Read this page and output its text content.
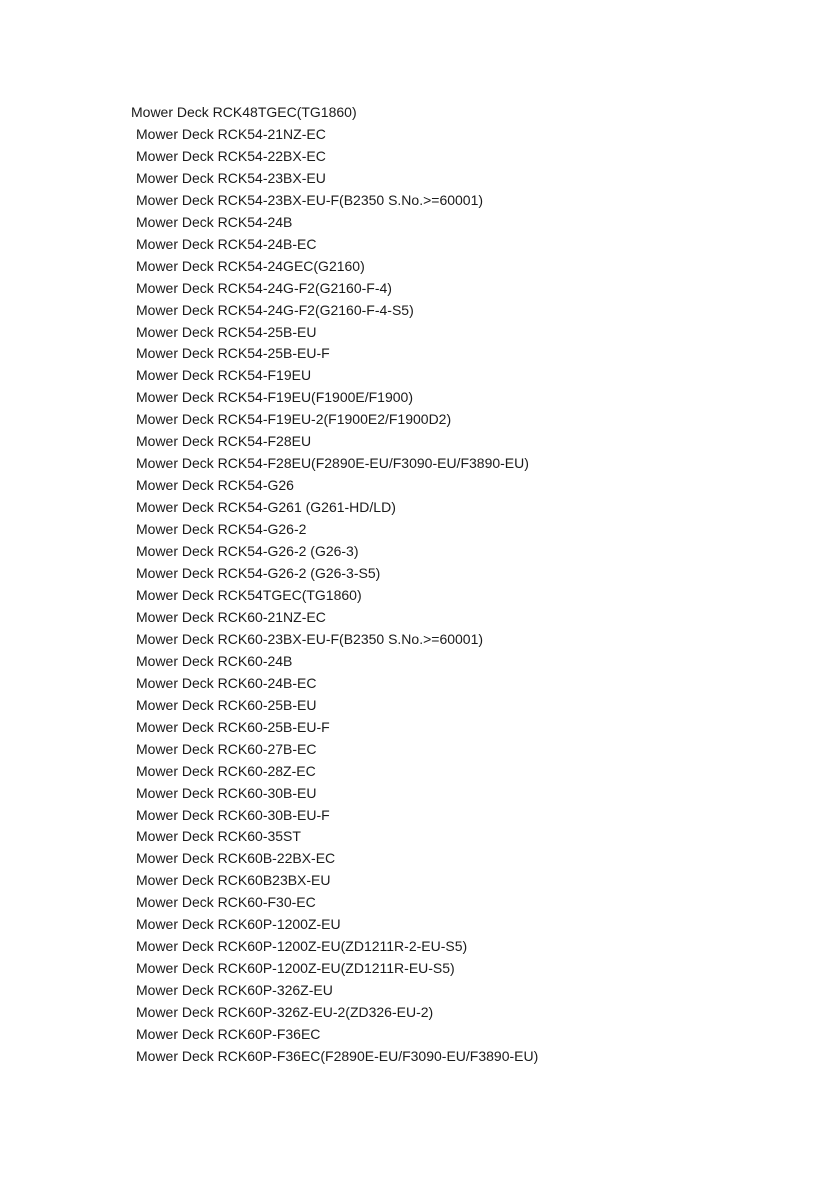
Mower Deck RCK48TGEC(TG1860)
Mower Deck RCK54-21NZ-EC
Mower Deck RCK54-22BX-EC
Mower Deck RCK54-23BX-EU
Mower Deck RCK54-23BX-EU-F(B2350 S.No.>=60001)
Mower Deck RCK54-24B
Mower Deck RCK54-24B-EC
Mower Deck RCK54-24GEC(G2160)
Mower Deck RCK54-24G-F2(G2160-F-4)
Mower Deck RCK54-24G-F2(G2160-F-4-S5)
Mower Deck RCK54-25B-EU
Mower Deck RCK54-25B-EU-F
Mower Deck RCK54-F19EU
Mower Deck RCK54-F19EU(F1900E/F1900)
Mower Deck RCK54-F19EU-2(F1900E2/F1900D2)
Mower Deck RCK54-F28EU
Mower Deck RCK54-F28EU(F2890E-EU/F3090-EU/F3890-EU)
Mower Deck RCK54-G26
Mower Deck RCK54-G261 (G261-HD/LD)
Mower Deck RCK54-G26-2
Mower Deck RCK54-G26-2 (G26-3)
Mower Deck RCK54-G26-2 (G26-3-S5)
Mower Deck RCK54TGEC(TG1860)
Mower Deck RCK60-21NZ-EC
Mower Deck RCK60-23BX-EU-F(B2350 S.No.>=60001)
Mower Deck RCK60-24B
Mower Deck RCK60-24B-EC
Mower Deck RCK60-25B-EU
Mower Deck RCK60-25B-EU-F
Mower Deck RCK60-27B-EC
Mower Deck RCK60-28Z-EC
Mower Deck RCK60-30B-EU
Mower Deck RCK60-30B-EU-F
Mower Deck RCK60-35ST
Mower Deck RCK60B-22BX-EC
Mower Deck RCK60B23BX-EU
Mower Deck RCK60-F30-EC
Mower Deck RCK60P-1200Z-EU
Mower Deck RCK60P-1200Z-EU(ZD1211R-2-EU-S5)
Mower Deck RCK60P-1200Z-EU(ZD1211R-EU-S5)
Mower Deck RCK60P-326Z-EU
Mower Deck RCK60P-326Z-EU-2(ZD326-EU-2)
Mower Deck RCK60P-F36EC
Mower Deck RCK60P-F36EC(F2890E-EU/F3090-EU/F3890-EU)
